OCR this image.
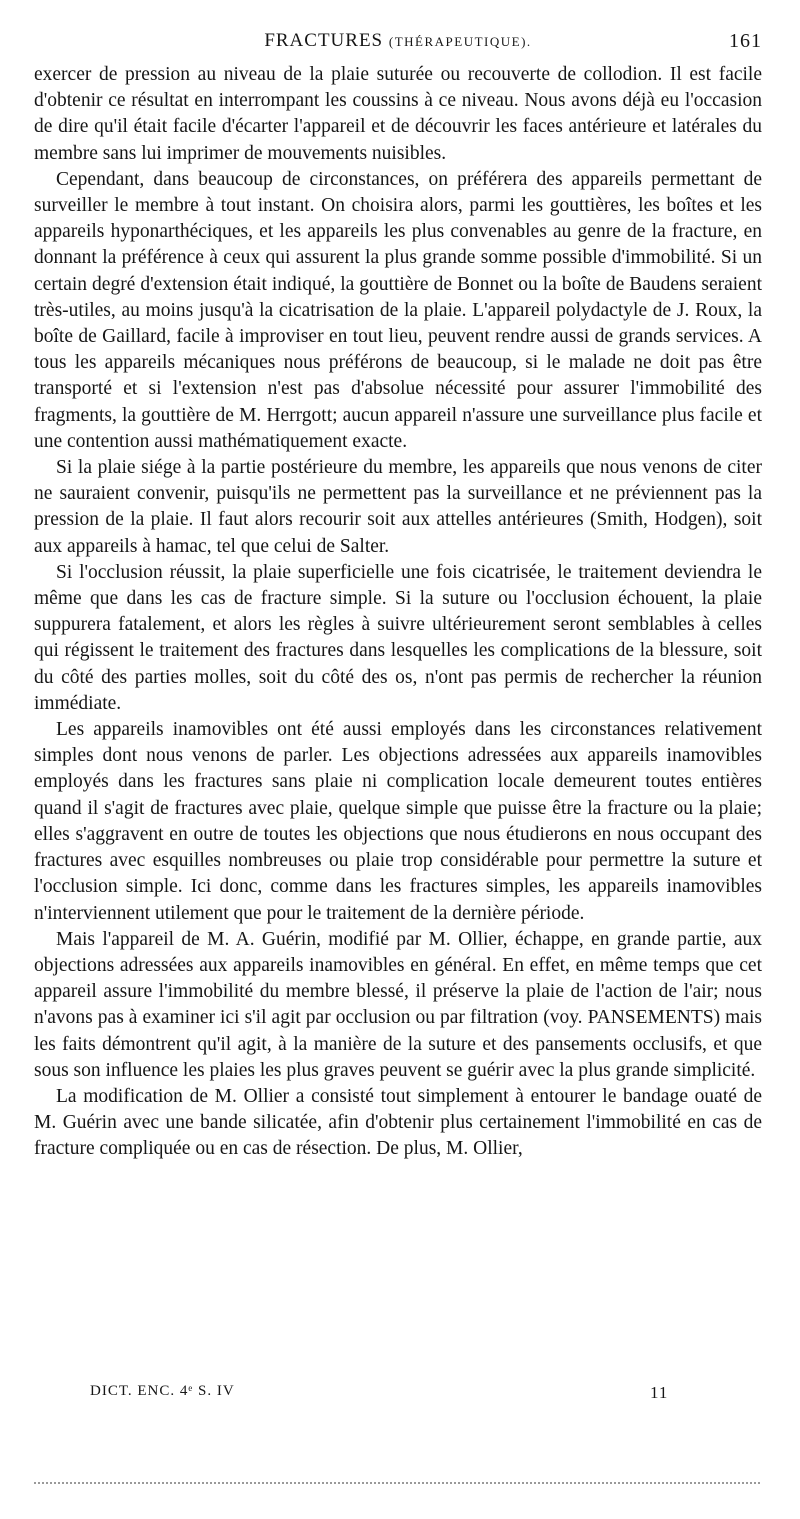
FRACTURES (THÉRAPEUTIQUE).	161

exercer de pression au niveau de la plaie suturée ou recouverte de collodion. Il est facile d'obtenir ce résultat en interrompant les coussins à ce niveau. Nous avons déjà eu l'occasion de dire qu'il était facile d'écarter l'appareil et de découvrir les faces antérieure et latérales du membre sans lui imprimer de mouvements nuisibles.

Cependant, dans beaucoup de circonstances, on préférera des appareils permettant de surveiller le membre à tout instant. On choisira alors, parmi les gouttières, les boîtes et les appareils hyponarthéciques, et les appareils les plus convenables au genre de la fracture, en donnant la préférence à ceux qui assurent la plus grande somme possible d'immobilité. Si un certain degré d'extension était indiqué, la gouttière de Bonnet ou la boîte de Baudens seraient très-utiles, au moins jusqu'à la cicatrisation de la plaie. L'appareil polydactyle de J. Roux, la boîte de Gaillard, facile à improviser en tout lieu, peuvent rendre aussi de grands services. A tous les appareils mécaniques nous préférons de beaucoup, si le malade ne doit pas être transporté et si l'extension n'est pas d'absolue nécessité pour assurer l'immobilité des fragments, la gouttière de M. Herrgott; aucun appareil n'assure une surveillance plus facile et une contention aussi mathématiquement exacte.

Si la plaie siége à la partie postérieure du membre, les appareils que nous venons de citer ne sauraient convenir, puisqu'ils ne permettent pas la surveillance et ne préviennent pas la pression de la plaie. Il faut alors recourir soit aux attelles antérieures (Smith, Hodgen), soit aux appareils à hamac, tel que celui de Salter.

Si l'occlusion réussit, la plaie superficielle une fois cicatrisée, le traitement deviendra le même que dans les cas de fracture simple. Si la suture ou l'occlusion échouent, la plaie suppurera fatalement, et alors les règles à suivre ultérieurement seront semblables à celles qui régissent le traitement des fractures dans lesquelles les complications de la blessure, soit du côté des parties molles, soit du côté des os, n'ont pas permis de rechercher la réunion immédiate.

Les appareils inamovibles ont été aussi employés dans les circonstances relativement simples dont nous venons de parler. Les objections adressées aux appareils inamovibles employés dans les fractures sans plaie ni complication locale demeurent toutes entières quand il s'agit de fractures avec plaie, quelque simple que puisse être la fracture ou la plaie; elles s'aggravent en outre de toutes les objections que nous étudierons en nous occupant des fractures avec esquilles nombreuses ou plaie trop considérable pour permettre la suture et l'occlusion simple. Ici donc, comme dans les fractures simples, les appareils inamovibles n'interviennent utilement que pour le traitement de la dernière période.

Mais l'appareil de M. A. Guérin, modifié par M. Ollier, échappe, en grande partie, aux objections adressées aux appareils inamovibles en général. En effet, en même temps que cet appareil assure l'immobilité du membre blessé, il préserve la plaie de l'action de l'air; nous n'avons pas à examiner ici s'il agit par occlusion ou par filtration (voy. PANSEMENTS) mais les faits démontrent qu'il agit, à la manière de la suture et des pansements occlusifs, et que sous son influence les plaies les plus graves peuvent se guérir avec la plus grande simplicité.

La modification de M. Ollier a consisté tout simplement à entourer le bandage ouaté de M. Guérin avec une bande silicatée, afin d'obtenir plus certainement l'immobilité en cas de fracture compliquée ou en cas de résection. De plus, M. Ollier,

DICT. ENC. 4ᵉ S. IV	11
